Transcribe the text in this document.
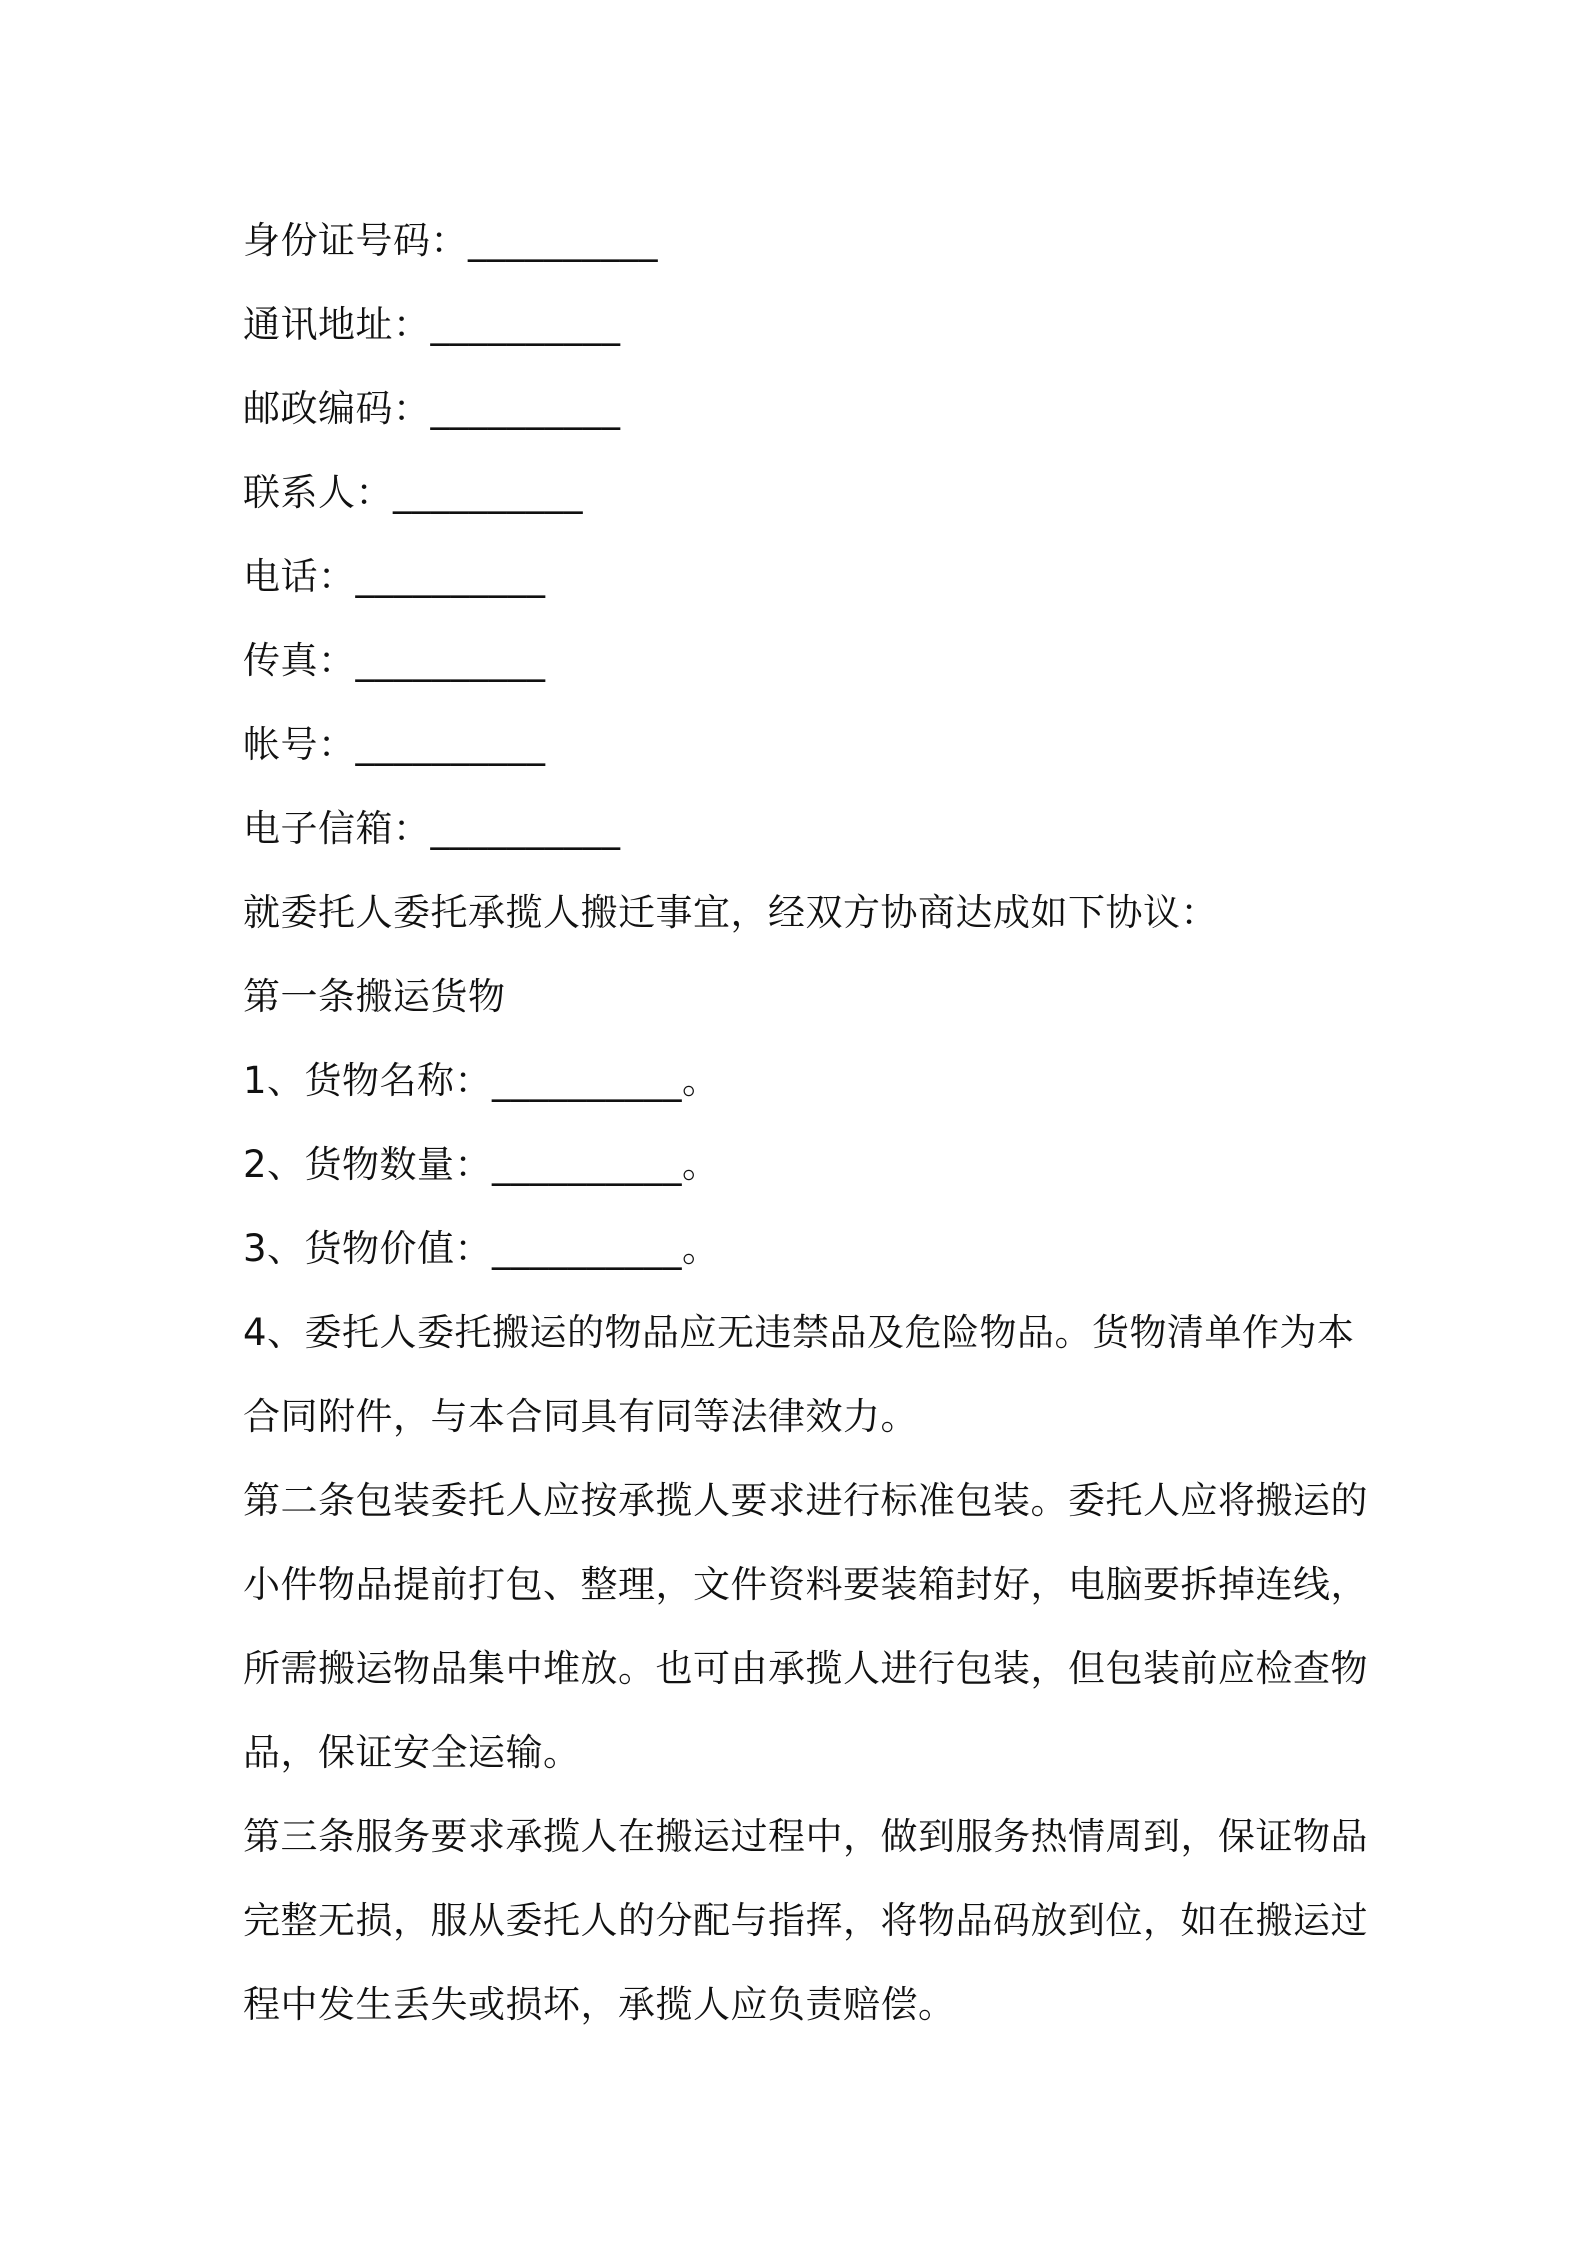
身份证号码：__________
通讯地址：__________
邮政编码：__________
联系人：__________
电话：__________
传真：__________
帐号：__________
电子信箱：__________
就委托人委托承揽人搬迁事宜，经双方协商达成如下协议：
第一条搬运货物
1、货物名称：__________。
2、货物数量：__________。
3、货物价值：__________。
4、委托人委托搬运的物品应无违禁品及危险物品。货物清单作为本
合同附件，与本合同具有同等法律效力。
第二条包装委托人应按承揽人要求进行标准包装。委托人应将搬运的
小件物品提前打包、整理，文件资料要装箱封好，电脑要拆掉连线，
所需搬运物品集中堆放。也可由承揽人进行包装，但包装前应检查物
品，保证安全运输。
第三条服务要求承揽人在搬运过程中，做到服务热情周到，保证物品
完整无损，服从委托人的分配与指挥，将物品码放到位，如在搬运过
程中发生丢失或损坏，承揽人应负责赔偿。
